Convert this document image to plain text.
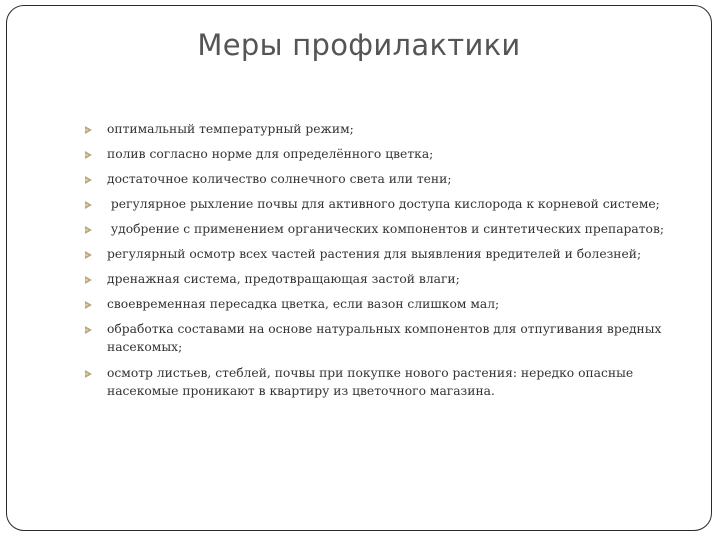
Меры профилактики
оптимальный температурный режим;
полив согласно норме для определённого цветка;
достаточное количество солнечного света или тени;
регулярное рыхление почвы для активного доступа кислорода к корневой системе;
удобрение с применением органических компонентов и синтетических препаратов;
регулярный осмотр всех частей растения для выявления вредителей и болезней;
дренажная система, предотвращающая застой влаги;
своевременная пересадка цветка, если вазон слишком мал;
обработка составами на основе натуральных компонентов для отпугивания вредных насекомых;
осмотр листьев, стеблей, почвы при покупке нового растения: нередко опасные насекомые проникают в квартиру из цветочного магазина.
